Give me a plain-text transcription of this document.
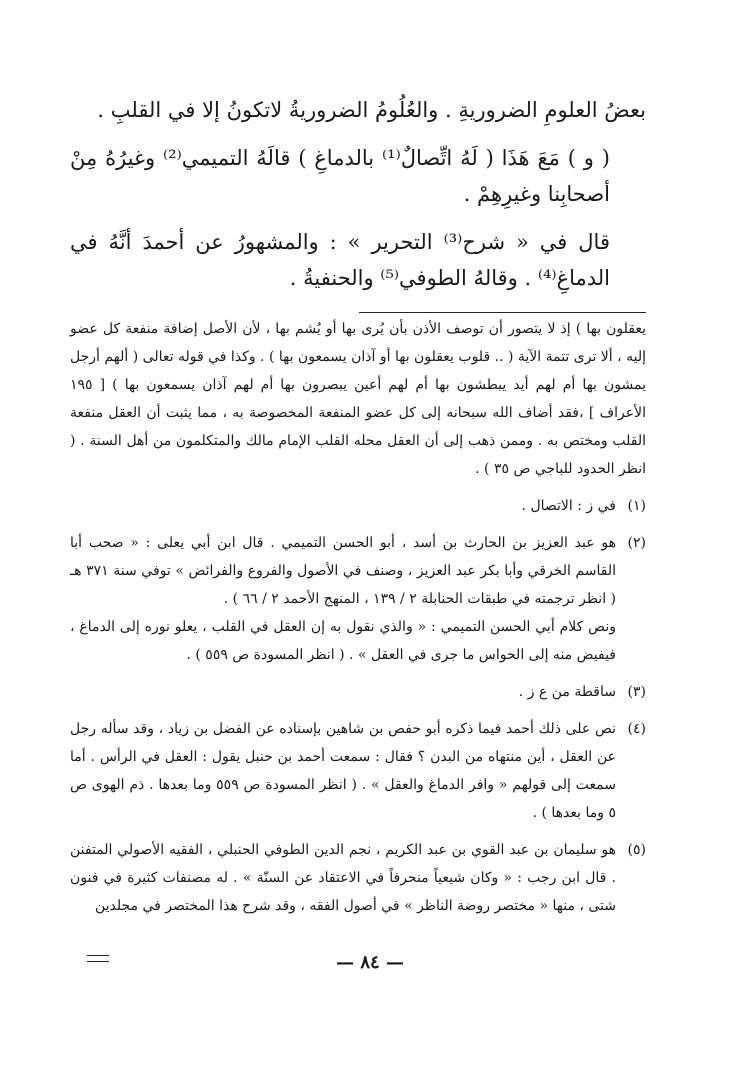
بعضُ العلومِ الضروريةِ . والعُلُومُ الضروريةُ لاتكونُ إلا في القلبِ .

( و ) مَعَ هَذَا ( لَهُ اتِّصالٌ⁽¹⁾ بالدماغِ ) قالَهُ التميمي⁽²⁾ وغيرُهُ مِنْ أصحابِنا وغيرِهِمْ .

قال في « شرح⁽³⁾ التحرير » : والمشهورُ عن أحمدَ أنَّهُ في الدماغِ⁽⁴⁾ . وقالهُ الطوفي⁽⁵⁾ والحنفيةُ .

يعقلون بها ) إذ لا يتصور أن توصف الأذن بأن يُرى بها أو يُشم بها ، لأن الأصل إضافة منفعة كل عضو إليه ، ألا ترى تتمة الآية ( .. قلوب يعقلون بها أو آذان يسمعون بها ) . وكذا في قوله تعالى ( ألهم أرجل يمشون بها أم لهم أيد يبطشون بها أم لهم أعين يبصرون بها أم لهم آذان يسمعون بها ) [ ١٩٥ الأعراف ] ،فقد أضاف الله سبحانه إلى كل عضو المنفعة المخصوصة به ، مما يثبت أن العقل منفعة القلب ومختص به . وممن ذهب إلى أن العقل محله القلب الإمام مالك والمتكلمون من أهل السنة . ( انظر الحدود للباجي ص ٣٥ ) .

(١)
في ز : الاتصال .
(٢)
هو عبد العزيز بن الحارث بن أسد ، أبو الحسن التميمي . قال ابن أبي يعلى : « صحب أبا القاسم الخرقي وأبا بكر عبد العزيز ، وصنف في الأصول والفروع والفرائض » توفي سنة ٣٧١ هـ ( انظر ترجمته في طبقات الحنابلة ٢ / ١٣٩ ، المنهج الأحمد ٢ / ٦٦ ) .

ونص كلام أبي الحسن التميمي : « والذي نقول به إن العقل في القلب ، يعلو نوره إلى الدماغ ، فيفيض منه إلى الحواس ما جرى في العقل » . ( انظر المسودة ص ٥٥٩ ) .

(٣)
ساقطة من ع ز .
(٤)
نص على ذلك أحمد فيما ذكره أبو حفص بن شاهين بإسناده عن الفضل بن زياد ، وقد سأله رجل عن العقل ، أين منتهاه من البدن ؟ فقال : سمعت أحمد بن حنبل يقول : العقل في الرأس . أما سمعت إلى قولهم « وافر الدماغ والعقل » . ( انظر المسودة ص ٥٥٩ وما بعدها . ذم الهوى ص ٥ وما بعدها ) .
(٥)
هو سليمان بن عبد القوي بن عبد الكريم ، نجم الدين الطوفي الحنبلي ، الفقيه الأصولي المتفنن . قال ابن رجب : « وكان شيعياً منحرفاً في الاعتقاد عن السنّة » . له مصنفات كثيرة في فنون شتى ، منها « مختصر روضة الناظر » في أصول الفقه ، وقد شرح هذا المختصر في مجلدين
— ٨٤ —
